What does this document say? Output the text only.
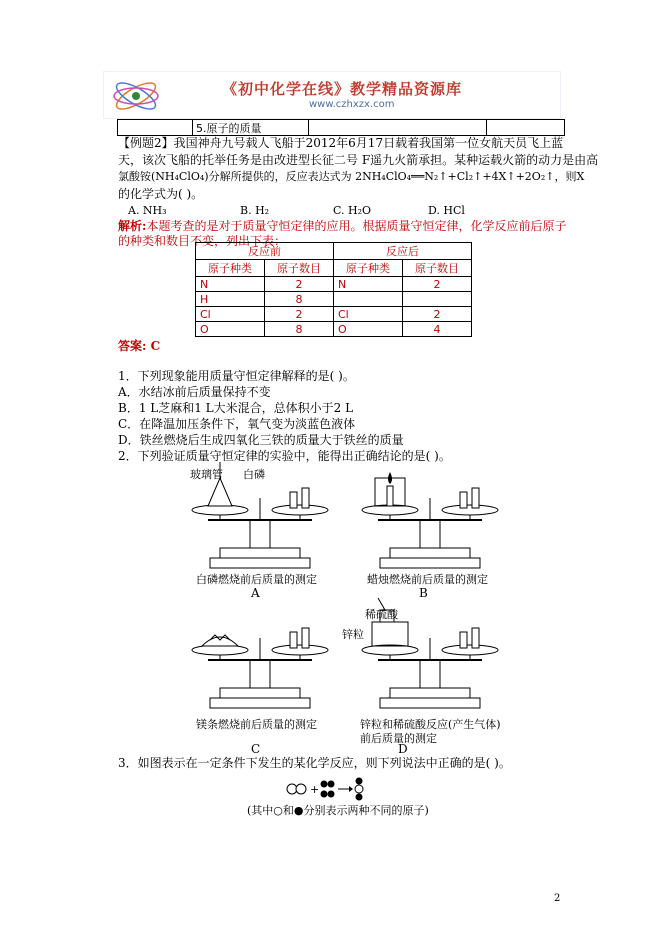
《初中化学在线》教学精品资源库
www.czhxzx.com
5.原子的质量
【例题2】我国神舟九号载人飞船于2012年6月17日载着我国第一位女航天员飞上蓝
天，该次飞船的托举任务是由改进型长征二号 F遥九火箭承担。某种运载火箭的动力是由高
氯酸铵(NH₄ClO₄)分解所提供的，反应表达式为 2NH₄ClO₄══N₂↑+Cl₂↑+4X↑+2O₂↑，则X
的化学式为( )。
A. NH₃	B. H₂	C. H₂O	D. HCl
解析:本题考查的是对于质量守恒定律的应用。根据质量守恒定律，化学反应前后原子
的种类和数目不变，列出下表：
反应前		反应后	
原子种类	原子数目	原子种类	原子数目
N	2	N	2
H	8		
Cl	2	Cl	2
O	8	O	4
答案: C
1．下列现象能用质量守恒定律解释的是( )。
A．水结冰前后质量保持不变
B．1 L芝麻和1 L大米混合，总体积小于2 L
C．在降温加压条件下，氧气变为淡蓝色液体
D．铁丝燃烧后生成四氧化三铁的质量大于铁丝的质量
2．下列验证质量守恒定律的实验中，能得出正确结论的是( )。
玻璃管 白磷
稀硫酸
锌粒
白磷燃烧前后质量的测定
A
蜡烛燃烧前后质量的测定
B
镁条燃烧前后质量的测定
C
锌粒和稀硫酸反应(产生气体)
前后质量的测定
D
3．如图表示在一定条件下发生的某化学反应，则下列说法中正确的是( )。
+
(其中○和●分别表示两种不同的原子)
2
